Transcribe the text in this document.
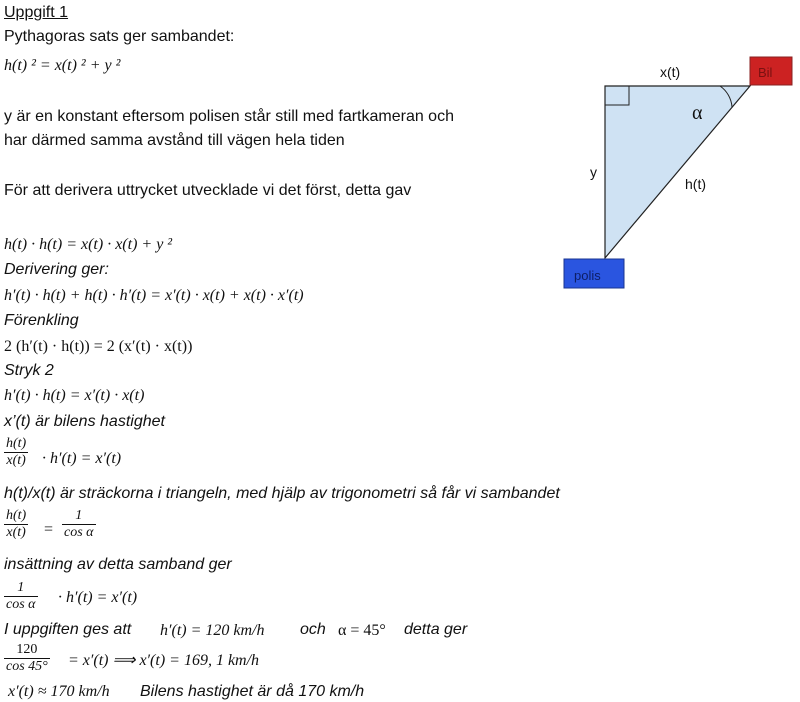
Uppgift 1
Pythagoras sats ger sambandet:
h(t) ² = x(t) ² + y ²
y är en konstant eftersom polisen står still med fartkameran och
har därmed samma avstånd till vägen hela tiden
För att derivera uttrycket utvecklade vi det först, detta gav
h(t) · h(t) = x(t) · x(t) + y ²
Derivering ger:
h′(t) · h(t) + h(t) · h′(t) = x′(t) · x(t) + x(t) · x′(t)
Förenkling
2 (h′(t) · h(t)) = 2 (x′(t) · x(t))
Stryk 2
h′(t) · h(t) = x′(t) · x(t)
x’(t) är bilens hastighet
$\frac{h(t)}{x(t)} \cdot h'(t) = x'(t)$
h(t)/x(t) är sträckorna i triangeln, med hjälp av trigonometri så får vi sambandet
$\frac{h(t)}{x(t)} = \frac{1}{\text{cos α}}$
insättning av detta samband ger
$\frac{1}{\text{cos α}} \cdot h'(t) = x'(t)$
I uppgiften ges att h′(t) = 120 km/h och α = 45° detta ger
$\frac{120}{\cos 45^\circ} = x'(t)$ ⟹ x′(t) = 169, 1 km/h
x′(t) ≈ 170 km/h Bilens hastighet är då 170 km/h
x(t)
y
h(t)
α
Bil
polis
